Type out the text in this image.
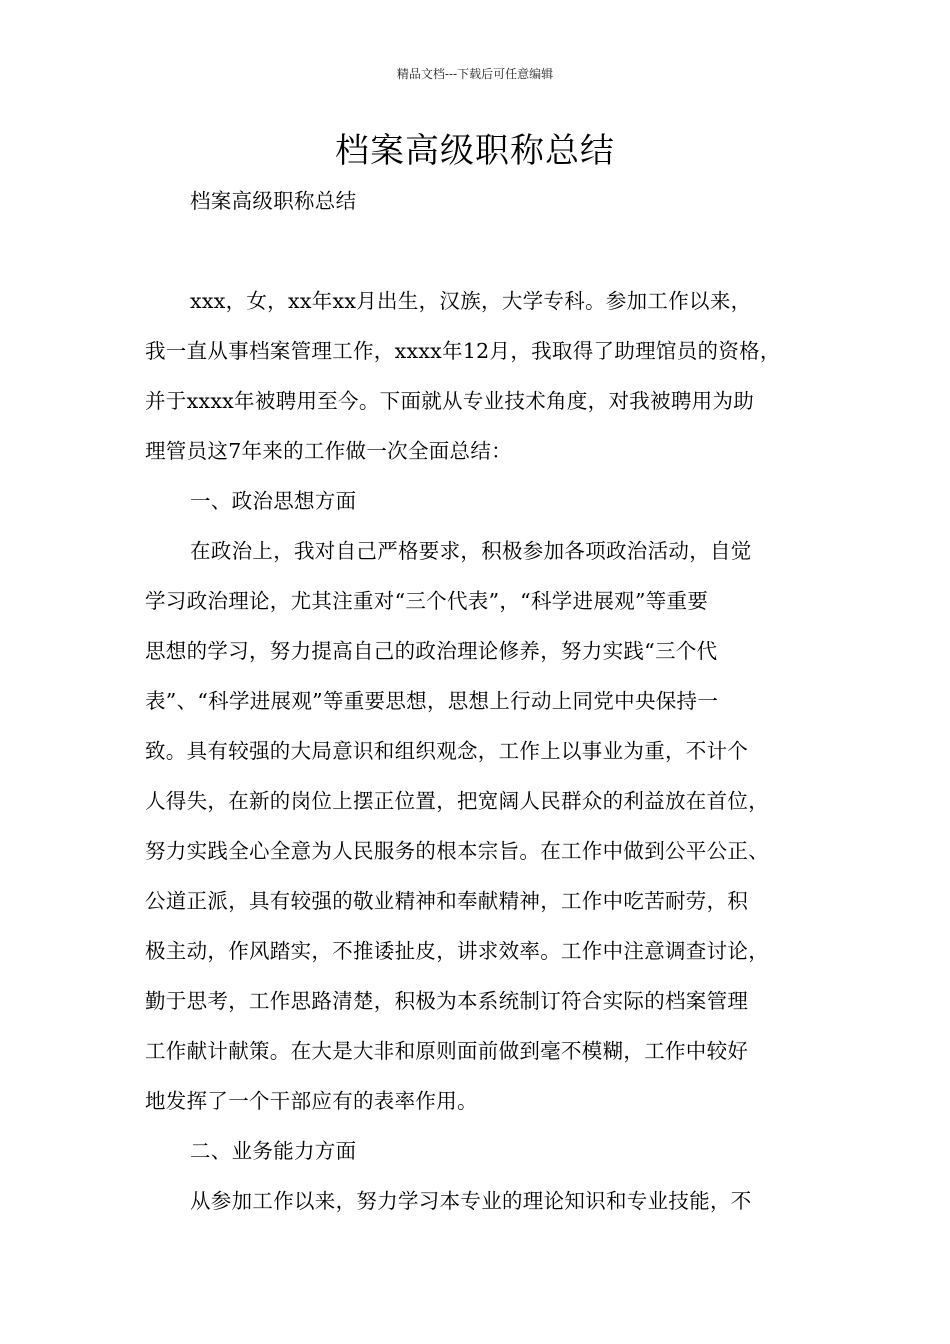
精品文档---下载后可任意编辑
档案高级职称总结
档案高级职称总结
xxx，女，xx年xx月出生，汉族，大学专科。参加工作以来，
我一直从事档案管理工作，xxxx年12月，我取得了助理馆员的资格，
并于xxxx年被聘用至今。下面就从专业技术角度，对我被聘用为助
理管员这7年来的工作做一次全面总结：
一、政治思想方面
在政治上，我对自己严格要求，积极参加各项政治活动，自觉
学习政治理论，尤其注重对“三个代表”，“科学进展观”等重要
思想的学习，努力提高自己的政治理论修养，努力实践“三个代
表”、“科学进展观”等重要思想，思想上行动上同党中央保持一
致。具有较强的大局意识和组织观念，工作上以事业为重，不计个
人得失，在新的岗位上摆正位置，把宽阔人民群众的利益放在首位，
努力实践全心全意为人民服务的根本宗旨。在工作中做到公平公正、
公道正派，具有较强的敬业精神和奉献精神，工作中吃苦耐劳，积
极主动，作风踏实，不推诿扯皮，讲求效率。工作中注意调查讨论，
勤于思考，工作思路清楚，积极为本系统制订符合实际的档案管理
工作献计献策。在大是大非和原则面前做到毫不模糊，工作中较好
地发挥了一个干部应有的表率作用。
二、业务能力方面
从参加工作以来，努力学习本专业的理论知识和专业技能，不
